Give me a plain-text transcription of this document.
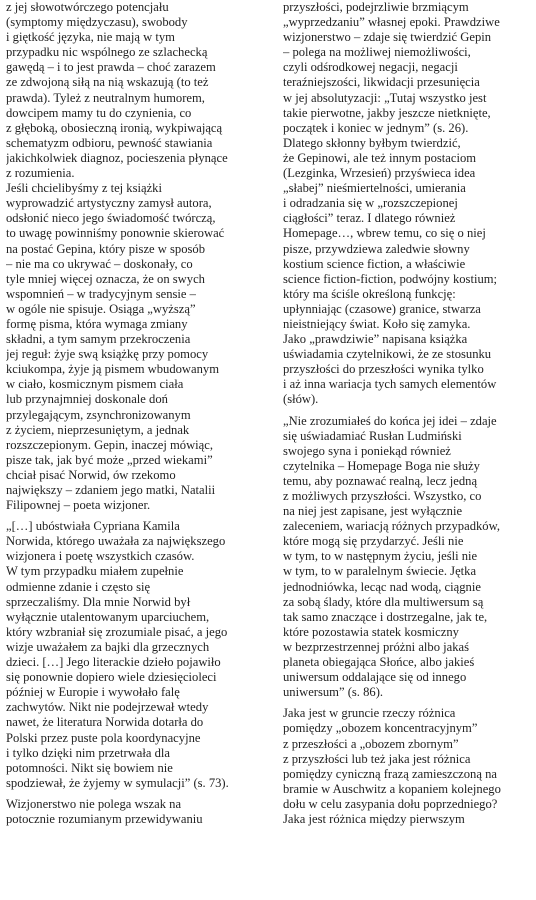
z jej słowotwórczego potencjału
(symptomy międzyczasu), swobody
i giętkość języka, nie mają w tym
przypadku nic wspólnego ze szlachecką
gawędą – i to jest prawda – choć zarazem
ze zdwojoną siłą na nią wskazują (to też
prawda). Tyleż z neutralnym humorem,
dowcipem mamy tu do czynienia, co
z głęboką, obosieczną ironią, wykpiwającą
schematyzm odbioru, pewność stawiania
jakichkolwiek diagnoz, pocieszenia płynące
z rozumienia.
Jeśli chcielibyśmy z tej książki
wyprowadzić artystyczny zamysł autora,
odsłonić nieco jego świadomość twórczą,
to uwagę powinniśmy ponownie skierować
na postać Gepina, który pisze w sposób
– nie ma co ukrywać – doskonały, co
tyle mniej więcej oznacza, że on swych
wspomnień – w tradycyjnym sensie –
w ogóle nie spisuje. Osiąga „wyższą”
formę pisma, która wymaga zmiany
składni, a tym samym przekroczenia
jej reguł: żyje swą książkę przy pomocy
kciukompa, żyje ją pismem wbudowanym
w ciało, kosmicznym pismem ciała
lub przynajmniej doskonale doń
przylegającym, zsynchronizowanym
z życiem, nieprzesuniętym, a jednak
rozszczepionym. Gepin, inaczej mówiąc,
pisze tak, jak być może „przed wiekami”
chciał pisać Norwid, ów rzekomo
największy – zdaniem jego matki, Natalii
Filipownej – poeta wizjoner.
„[…] ubóstwiała Cypriana Kamila
Norwida, którego uważała za największego
wizjonera i poetę wszystkich czasów.
W tym przypadku miałem zupełnie
odmienne zdanie i często się
sprzeczaliśmy. Dla mnie Norwid był
wyłącznie utalentowanym uparciuchem,
który wzbraniał się zrozumiale pisać, a jego
wizje uważałem za bajki dla grzecznych
dzieci. […] Jego literackie dzieło pojawiło
się ponownie dopiero wiele dziesięcioleci
później w Europie i wywołało falę
zachwytów. Nikt nie podejrzewał wtedy
nawet, że literatura Norwida dotarła do
Polski przez puste pola koordynacyjne
i tylko dzięki nim przetrwała dla
potomności. Nikt się bowiem nie
spodziewał, że żyjemy w symulacji” (s. 73).
Wizjonerstwo nie polega wszak na
potocznie rozumianym przewidywaniu
przyszłości, podejrzliwie brzmiącym
„wyprzedzaniu” własnej epoki. Prawdziwe
wizjonerstwo – zdaje się twierdzić Gepin
– polega na możliwej niemożliwości,
czyli odśrodkowej negacji, negacji
teraźniejszości, likwidacji przesunięcia
w jej absolutyzacji: „Tutaj wszystko jest
takie pierwotne, jakby jeszcze nietknięte,
początek i koniec w jednym” (s. 26).
Dlatego skłonny byłbym twierdzić,
że Gepinowi, ale też innym postaciom
(Lezginka, Wrzesień) przyświeca idea
„słabej” nieśmiertelności, umierania
i odradzania się w „rozszczepionej
ciągłości” teraz. I dlatego również
Homepage…, wbrew temu, co się o niej
pisze, przywdziewa zaledwie słowny
kostium science fiction, a właściwie
science fiction-fiction, podwójny kostium;
który ma ściśle określoną funkcję:
upłynniając (czasowe) granice, stwarza
nieistniejący świat. Koło się zamyka.
Jako „prawdziwie” napisana książka
uświadamia czytelnikowi, że ze stosunku
przyszłości do przeszłości wynika tylko
i aż inna wariacja tych samych elementów
(słów).
„Nie zrozumiałeś do końca jej idei – zdaje
się uświadamiać Rusłan Ludmiński
swojego syna i poniekąd również
czytelnika – Homepage Boga nie służy
temu, aby poznawać realną, lecz jedną
z możliwych przyszłości. Wszystko, co
na niej jest zapisane, jest wyłącznie
zaleceniem, wariacją różnych przypadków,
które mogą się przydarzyć. Jeśli nie
w tym, to w następnym życiu, jeśli nie
w tym, to w paralelnym świecie. Jętka
jednodniówka, lecąc nad wodą, ciągnie
za sobą ślady, które dla multiwersum są
tak samo znaczące i dostrzegalne, jak te,
które pozostawia statek kosmiczny
w bezprzestrzennej próżni albo jakaś
planeta obiegająca Słońce, albo jakieś
uniwersum oddalające się od innego
uniwersum” (s. 86).
Jaka jest w gruncie rzeczy różnica
pomiędzy „obozem koncentracyjnym”
z przeszłości a „obozem zbornym”
z przyszłości lub też jaka jest różnica
pomiędzy cyniczną frazą zamieszczoną na
bramie w Auschwitz a kopaniem kolejnego
dołu w celu zasypania dołu poprzedniego?
Jaka jest różnica między pierwszym
